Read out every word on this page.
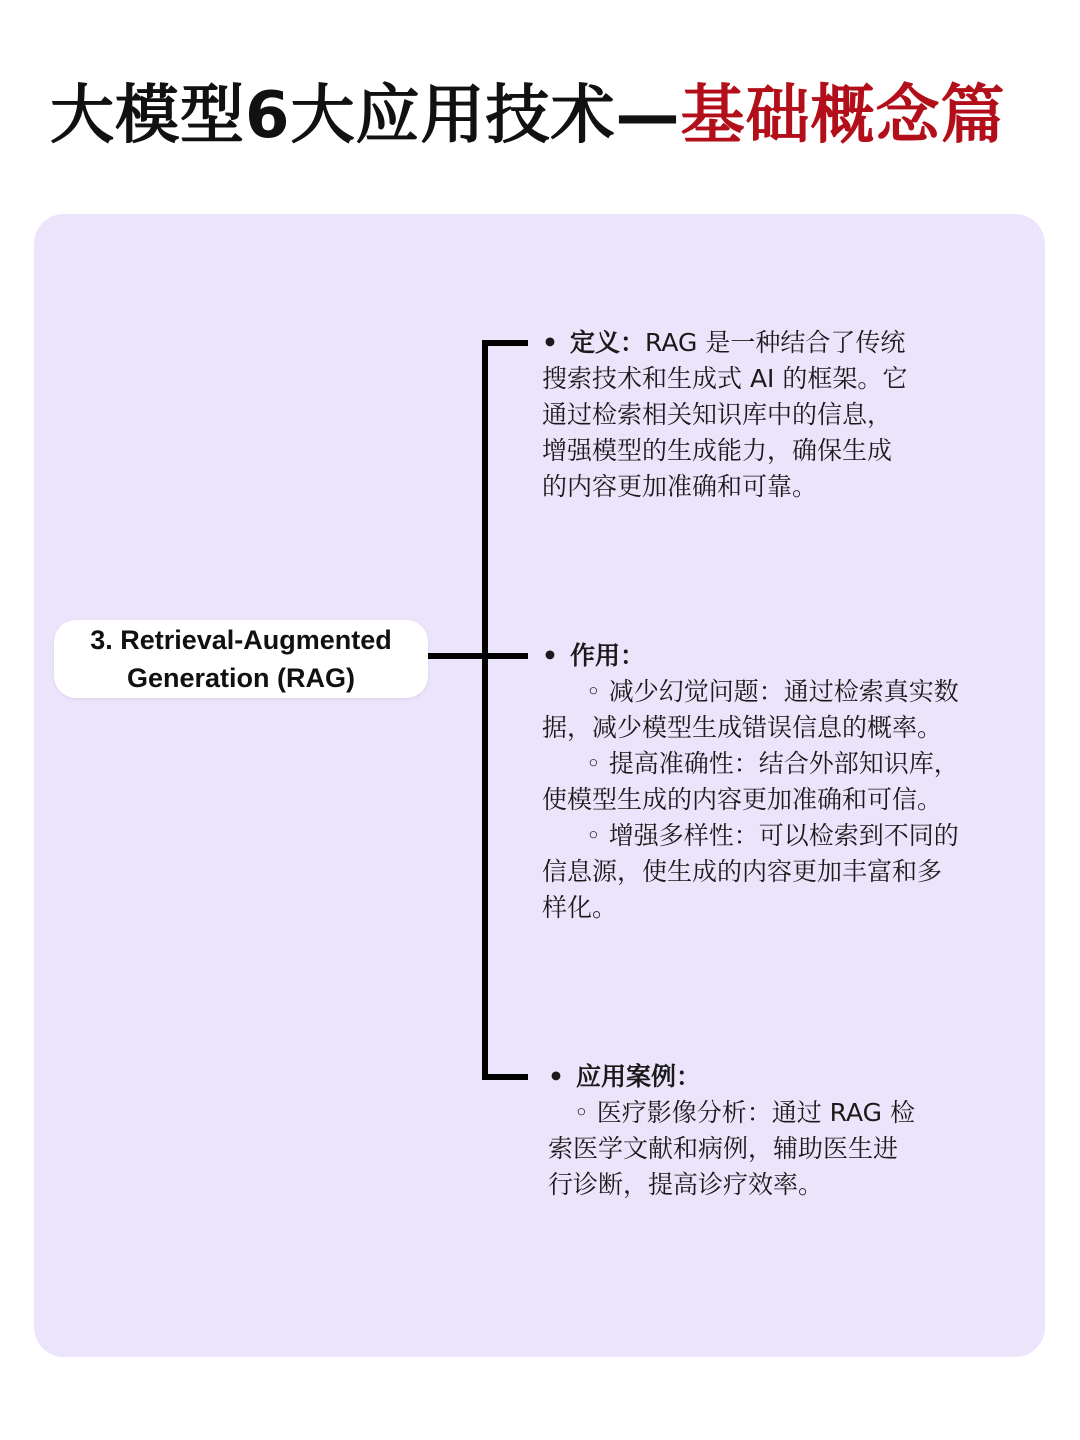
大模型6大应用技术—基础概念篇
3. Retrieval-Augmented
Generation (RAG)
• 定义：RAG 是一种结合了传统
搜索技术和生成式 AI 的框架。它
通过检索相关知识库中的信息，
增强模型的生成能力，确保生成
的内容更加准确和可靠。
• 作用：
◦ 减少幻觉问题：通过检索真实数
据，减少模型生成错误信息的概率。
◦ 提高准确性：结合外部知识库，
使模型生成的内容更加准确和可信。
◦ 增强多样性：可以检索到不同的
信息源，使生成的内容更加丰富和多
样化。
• 应用案例：
◦ 医疗影像分析：通过 RAG 检
索医学文献和病例，辅助医生进
行诊断，提高诊疗效率。
